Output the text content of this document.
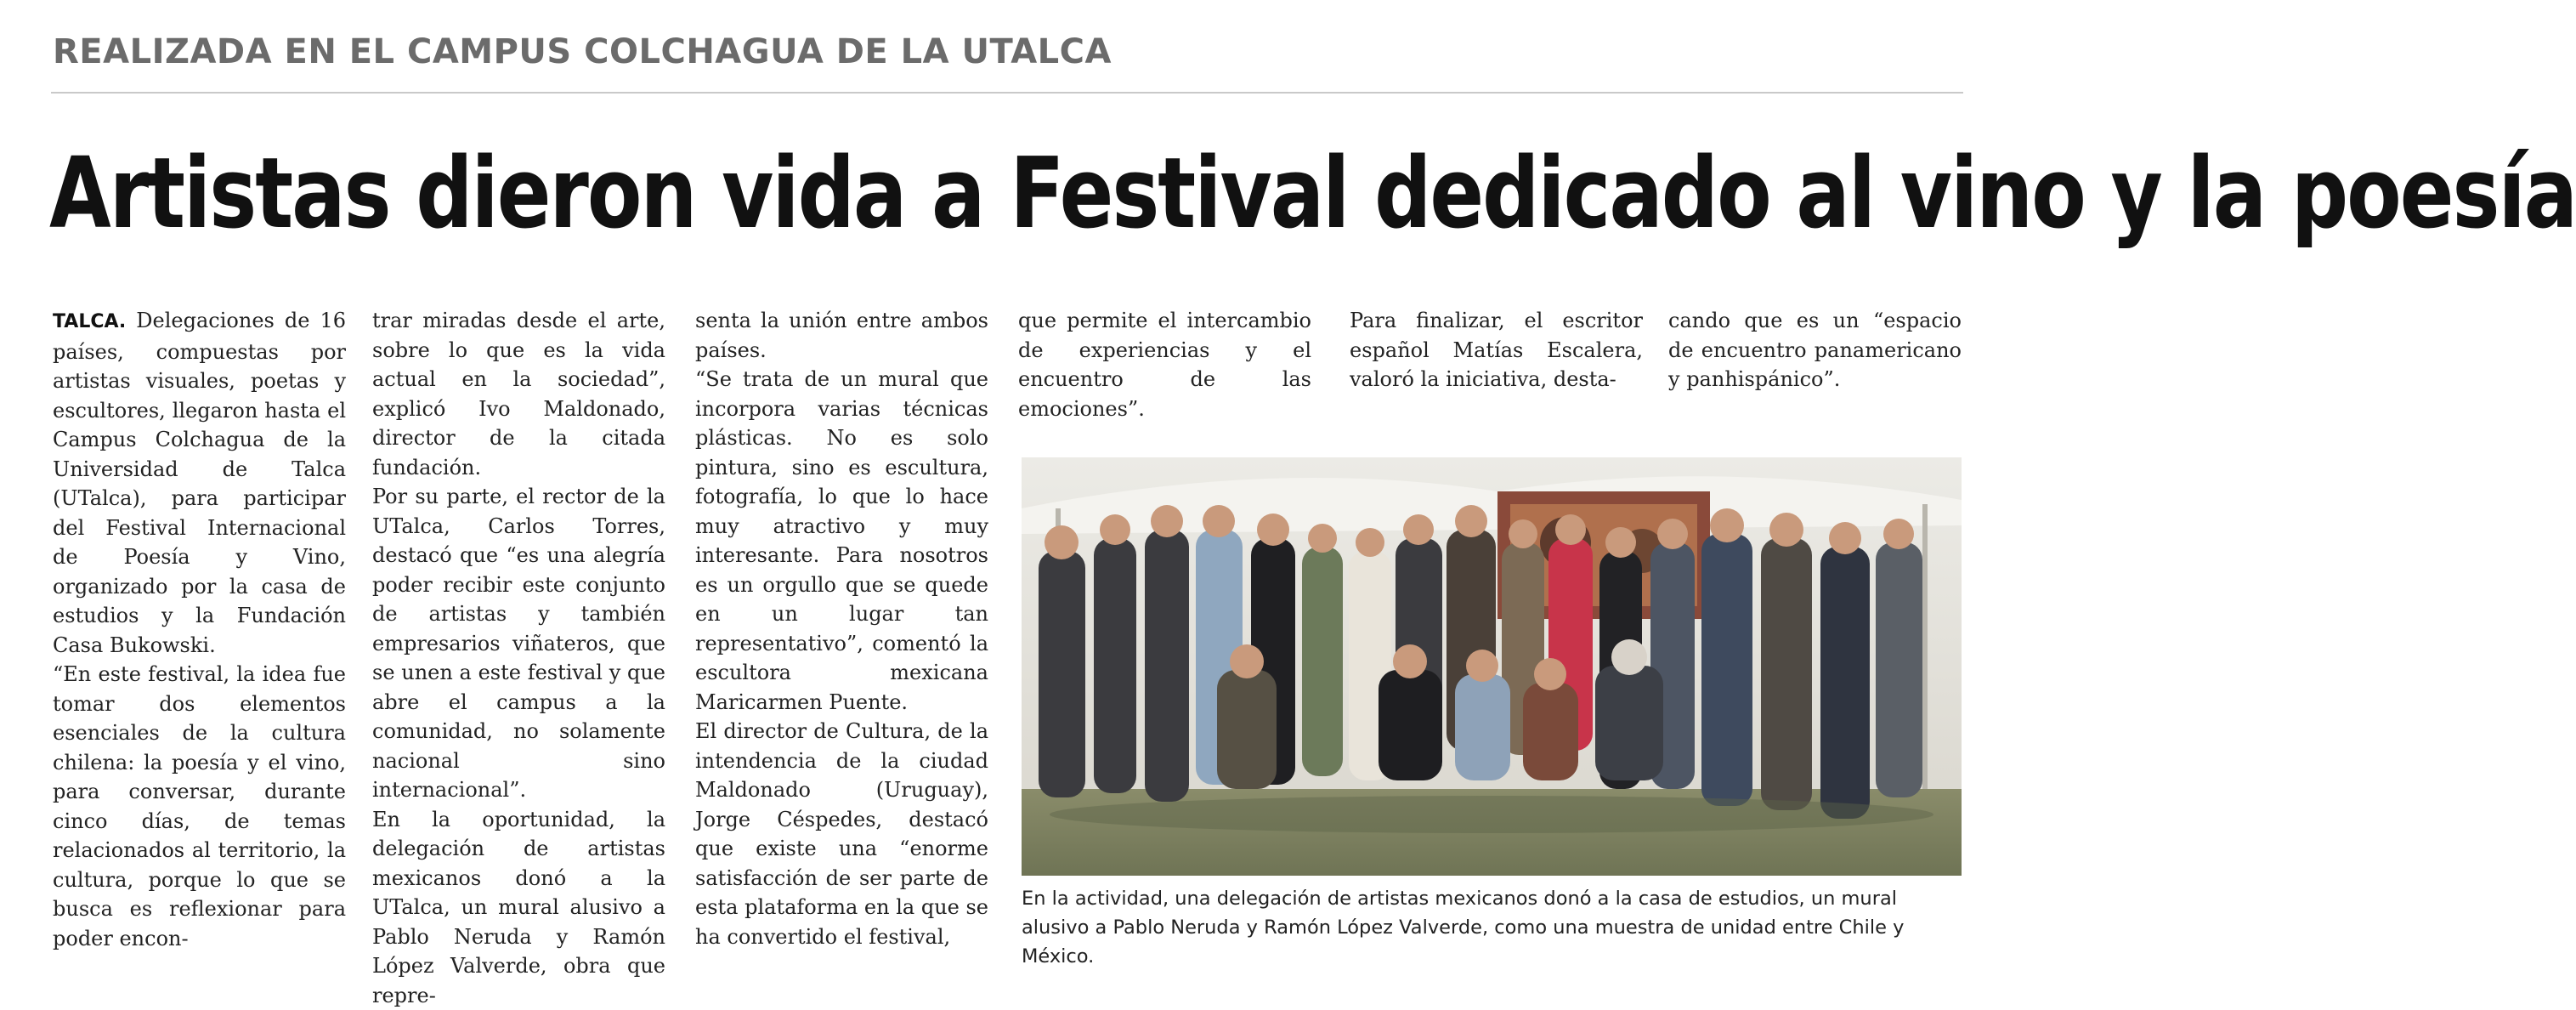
REALIZADA EN EL CAMPUS COLCHAGUA DE LA UTALCA
Artistas dieron vida a Festival dedicado al vino y la poesía

TALCA. Delegaciones de 16 países, compuestas por artistas visuales, poetas y escultores, llegaron hasta el Campus Colchagua de la Universidad de Talca (UTalca), para participar del Festival Internacional de Poesía y Vino, organizado por la casa de estudios y la Fundación Casa Bukowski.

“En este festival, la idea fue tomar dos elementos esenciales de la cultura chilena: la poesía y el vino, para conversar, durante cinco días, de temas relacionados al territorio, la cultura, porque lo que se busca es reflexionar para poder encon-

trar miradas desde el arte, sobre lo que es la vida actual en la sociedad”, explicó Ivo Maldonado, director de la citada fundación.

Por su parte, el rector de la UTalca, Carlos Torres, destacó que “es una alegría poder recibir este conjunto de artistas y también empresarios viñateros, que se unen a este festival y que abre el campus a la comunidad, no solamente nacional sino internacional”.

En la oportunidad, la delegación de artistas mexicanos donó a la UTalca, un mural alusivo a Pablo Neruda y Ramón López Valverde, obra que repre-

senta la unión entre ambos países.

“Se trata de un mural que incorpora varias técnicas plásticas. No es solo pintura, sino es escultura, fotografía, lo que lo hace muy atractivo y muy interesante. Para nosotros es un orgullo que se quede en un lugar tan representativo”, comentó la escultora mexicana Maricarmen Puente.

El director de Cultura, de la intendencia de la ciudad Maldonado (Uruguay), Jorge Céspedes, destacó que existe una “enorme satisfacción de ser parte de esta plataforma en la que se ha convertido el festival,

que permite el intercambio de experiencias y el encuentro de las emociones”.

Para finalizar, el escritor español Matías Escalera, valoró la iniciativa, desta-

cando que es un “espacio de encuentro panamericano y panhispánico”.

En la actividad, una delegación de artistas mexicanos donó a la casa de estudios, un mural alusivo a Pablo Neruda y Ramón López Valverde, como una muestra de unidad entre Chile y México.
